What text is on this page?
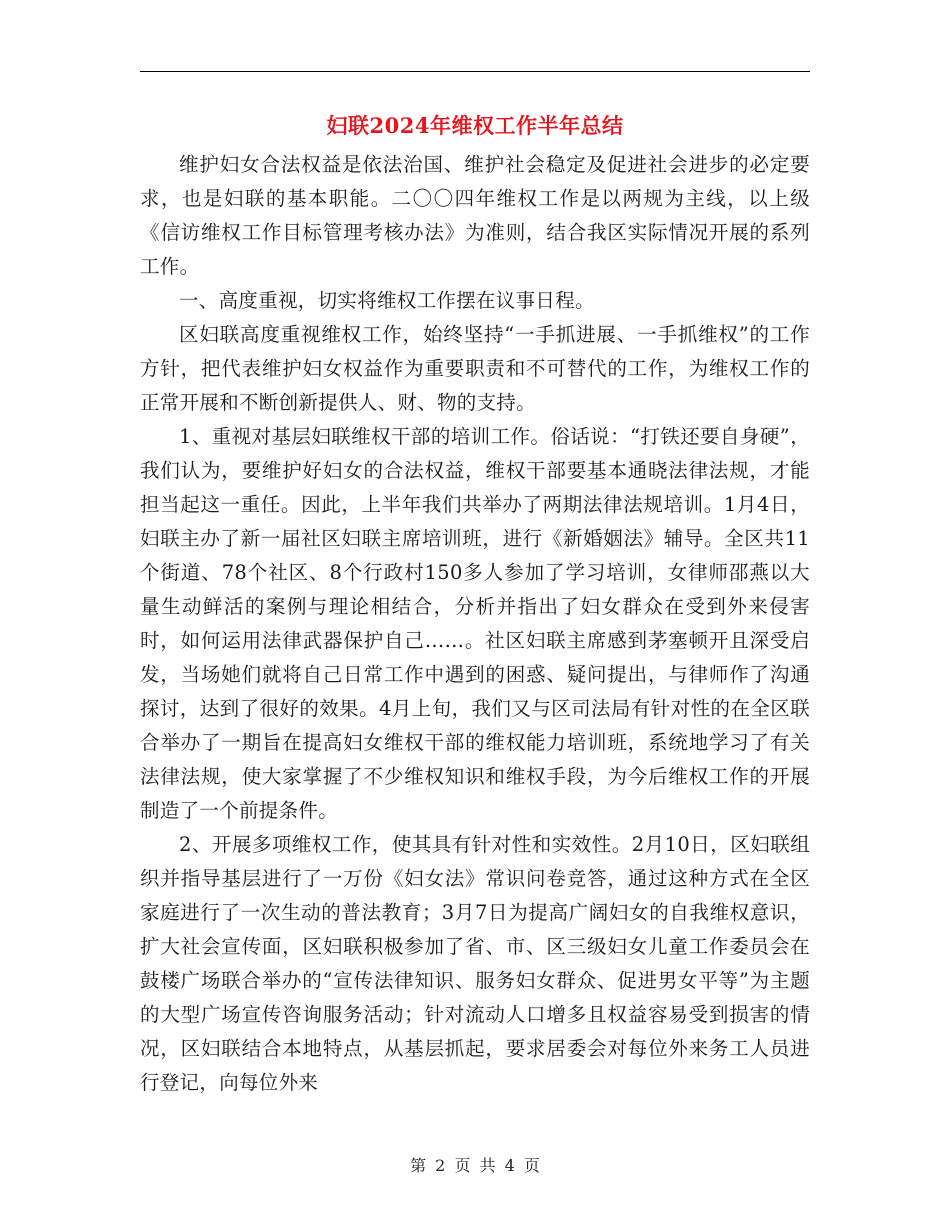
妇联2024年维权工作半年总结

维护妇女合法权益是依法治国、维护社会稳定及促进社会进步的必定要求，也是妇联的基本职能。二〇〇四年维权工作是以两规为主线，以上级《信访维权工作目标管理考核办法》为准则，结合我区实际情况开展的系列工作。

一、高度重视，切实将维权工作摆在议事日程。

区妇联高度重视维权工作，始终坚持“一手抓进展、一手抓维权”的工作方针，把代表维护妇女权益作为重要职责和不可替代的工作，为维权工作的正常开展和不断创新提供人、财、物的支持。

1、重视对基层妇联维权干部的培训工作。俗话说：“打铁还要自身硬”，我们认为，要维护好妇女的合法权益，维权干部要基本通晓法律法规，才能担当起这一重任。因此，上半年我们共举办了两期法律法规培训。1月4日，妇联主办了新一届社区妇联主席培训班，进行《新婚姻法》辅导。全区共11个街道、78个社区、8个行政村150多人参加了学习培训，女律师邵燕以大量生动鲜活的案例与理论相结合，分析并指出了妇女群众在受到外来侵害时，如何运用法律武器保护自己……。社区妇联主席感到茅塞顿开且深受启发，当场她们就将自己日常工作中遇到的困惑、疑问提出，与律师作了沟通探讨，达到了很好的效果。4月上旬，我们又与区司法局有针对性的在全区联合举办了一期旨在提高妇女维权干部的维权能力培训班，系统地学习了有关法律法规，使大家掌握了不少维权知识和维权手段，为今后维权工作的开展制造了一个前提条件。

2、开展多项维权工作，使其具有针对性和实效性。2月10日，区妇联组织并指导基层进行了一万份《妇女法》常识问卷竞答，通过这种方式在全区家庭进行了一次生动的普法教育；3月7日为提高广阔妇女的自我维权意识，扩大社会宣传面，区妇联积极参加了省、市、区三级妇女儿童工作委员会在鼓楼广场联合举办的“宣传法律知识、服务妇女群众、促进男女平等”为主题的大型广场宣传咨询服务活动；针对流动人口增多且权益容易受到损害的情况，区妇联结合本地特点，从基层抓起，要求居委会对每位外来务工人员进行登记，向每位外来

第 2 页 共 4 页
